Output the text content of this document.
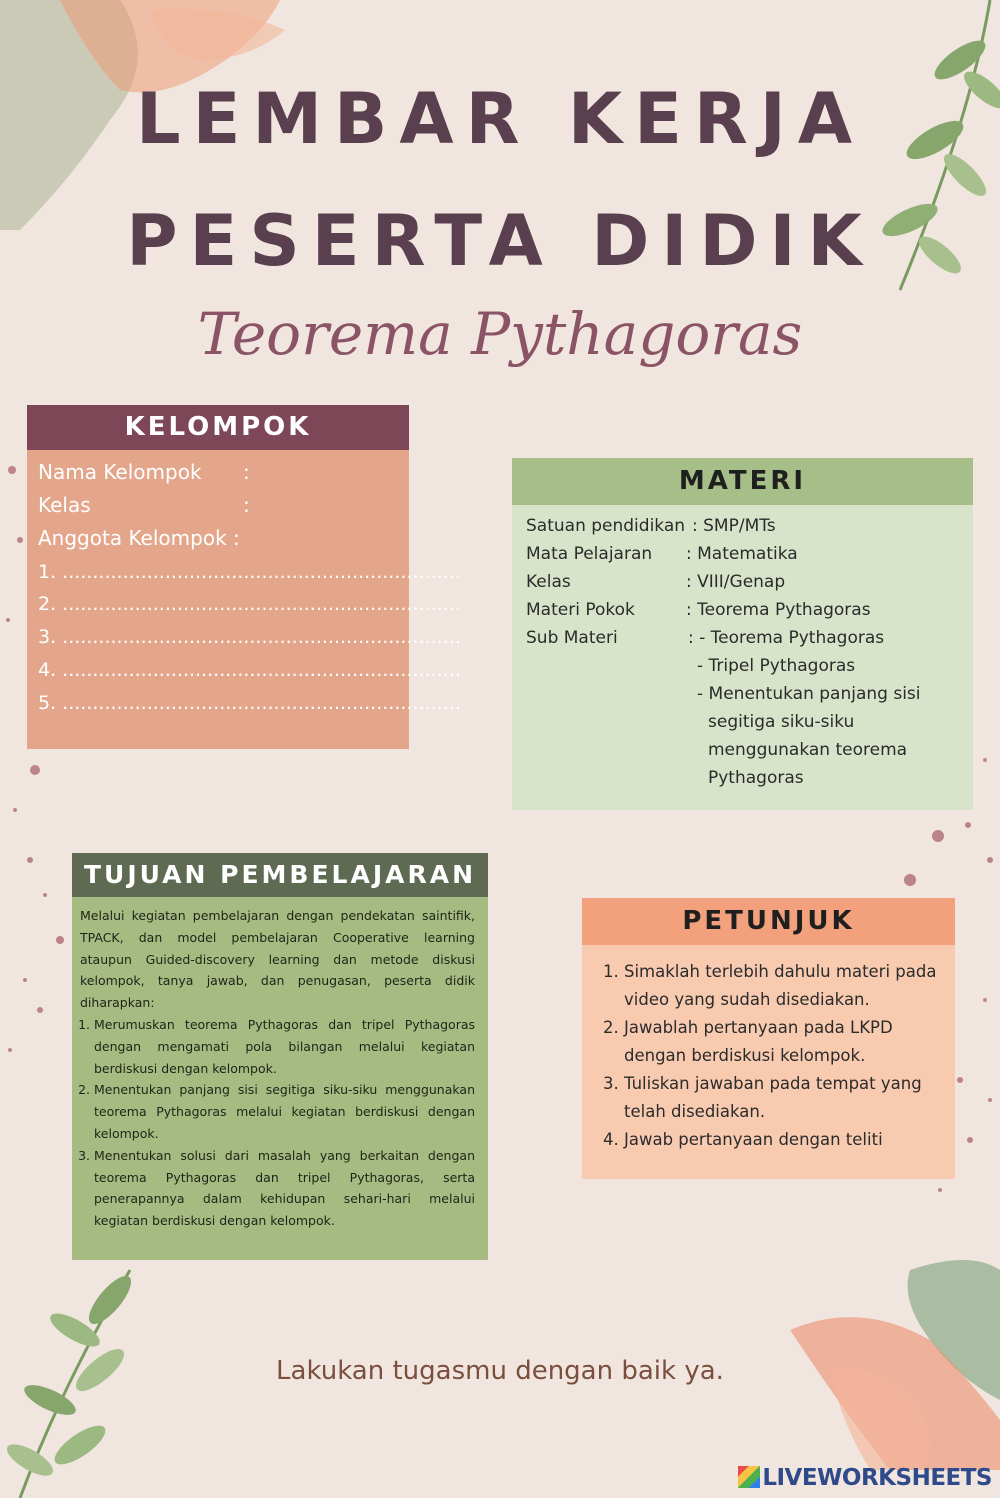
LEMBAR KERJA
PESERTA DIDIK
Teorema Pythagoras
KELOMPOK
Nama Kelompok :
Kelas	:
Anggota Kelompok :
1. ..................................................................
2. ..................................................................
3. ..................................................................
4. ..................................................................
5. ..................................................................
MATERI
Satuan pendidikan : SMP/MTs
Mata Pelajaran : Matematika
Kelas	: VIII/Genap
Materi Pokok	: Teorema Pythagoras
Sub Materi	: - Teorema Pythagoras
- Tripel Pythagoras
- Menentukan panjang sisi
segitiga siku-siku
menggunakan teorema
Pythagoras
TUJUAN PEMBELAJARAN
Melalui kegiatan pembelajaran dengan pendekatan saintifik, TPACK, dan model pembelajaran Cooperative learning ataupun Guided-discovery learning dan metode diskusi kelompok, tanya jawab, dan penugasan, peserta didik diharapkan:
1. Merumuskan teorema Pythagoras dan tripel Pythagoras dengan mengamati pola bilangan melalui kegiatan berdiskusi dengan kelompok.
2. Menentukan panjang sisi segitiga siku-siku menggunakan teorema Pythagoras melalui kegiatan berdiskusi dengan kelompok.
3. Menentukan solusi dari masalah yang berkaitan dengan teorema Pythagoras dan tripel Pythagoras, serta penerapannya dalam kehidupan sehari-hari melalui kegiatan berdiskusi dengan kelompok.
PETUNJUK
1. Simaklah terlebih dahulu materi pada video yang sudah disediakan.
2. Jawablah pertanyaan pada LKPD dengan berdiskusi kelompok.
3. Tuliskan jawaban pada tempat yang telah disediakan.
4. Jawab pertanyaan dengan teliti
Lakukan tugasmu dengan baik ya.
LIVEWORKSHEETS
